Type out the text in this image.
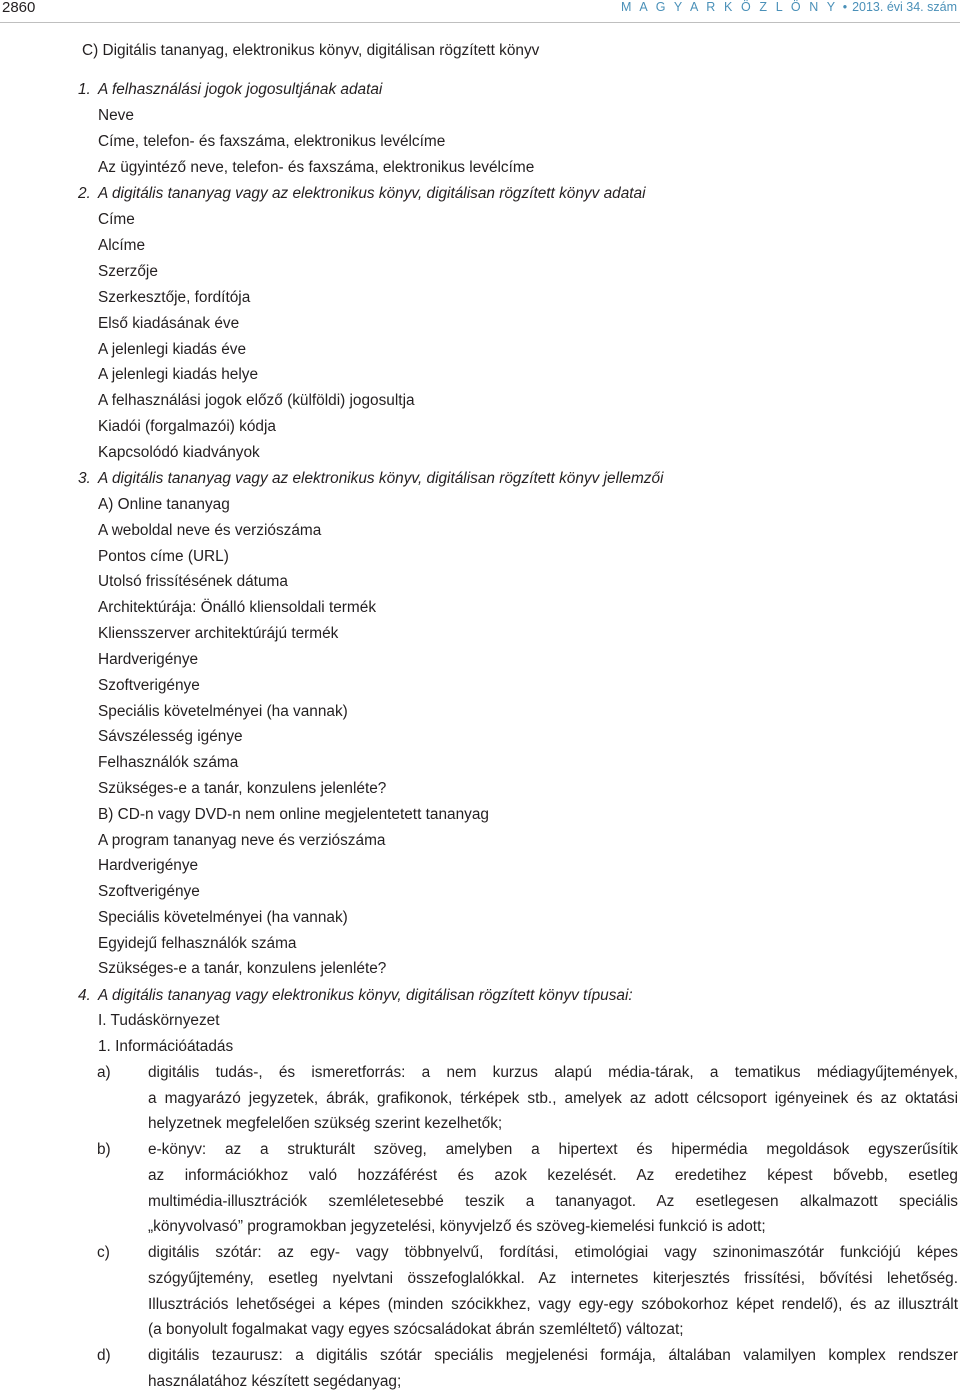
2860	M A G Y A R K Ö Z L Ö N Y • 2013. évi 34. szám
C) Digitális tananyag, elektronikus könyv, digitálisan rögzített könyv
1. A felhasználási jogok jogosultjának adatai
Neve
Címe, telefon- és faxszáma, elektronikus levélcíme
Az ügyintéző neve, telefon- és faxszáma, elektronikus levélcíme
2. A digitális tananyag vagy az elektronikus könyv, digitálisan rögzített könyv adatai
Címe
Alcíme
Szerzője
Szerkesztője, fordítója
Első kiadásának éve
A jelenlegi kiadás éve
A jelenlegi kiadás helye
A felhasználási jogok előző (külföldi) jogosultja
Kiadói (forgalmazói) kódja
Kapcsolódó kiadványok
3. A digitális tananyag vagy az elektronikus könyv, digitálisan rögzített könyv jellemzői
A) Online tananyag
A weboldal neve és verziószáma
Pontos címe (URL)
Utolsó frissítésének dátuma
Architektúrája: Önálló kliensoldali termék
Kliensszerver architektúrájú termék
Hardverigénye
Szoftverigénye
Speciális követelményei (ha vannak)
Sávszélesség igénye
Felhasználók száma
Szükséges-e a tanár, konzulens jelenléte?
B) CD-n vagy DVD-n nem online megjelentetett tananyag
A program tananyag neve és verziószáma
Hardverigénye
Szoftverigénye
Speciális követelményei (ha vannak)
Egyidejű felhasználók száma
Szükséges-e a tanár, konzulens jelenléte?
4. A digitális tananyag vagy elektronikus könyv, digitálisan rögzített könyv típusai:
I. Tudáskörnyezet
1. Információátadás
a) digitális tudás-, és ismeretforrás: a nem kurzus alapú média-tárak, a tematikus médiagyűjtemények,
a magyarázó jegyzetek, ábrák, grafikonok, térképek stb., amelyek az adott célcsoport igényeinek és az oktatási
helyzetnek megfelelően szükség szerint kezelhetők;
b) e-könyv: az a strukturált szöveg, amelyben a hipertext és hipermédia megoldások egyszerűsítik
az információkhoz való hozzáférést és azok kezelését. Az eredetihez képest bővebb, esetleg
multimédia-illusztrációk szemléletesebbé teszik a tananyagot. Az esetlegesen alkalmazott speciális
„könyvolvasó” programokban jegyzetelési, könyvjelző és szöveg-kiemelési funkció is adott;
c) digitális szótár: az egy- vagy többnyelvű, fordítási, etimológiai vagy szinonimaszótár funkciójú képes
szógyűjtemény, esetleg nyelvtani összefoglalókkal. Az internetes kiterjesztés frissítési, bővítési lehetőség.
Illusztrációs lehetőségei a képes (minden szócikkhez, vagy egy-egy szóbokorhoz képet rendelő), és az illusztrált
(a bonyolult fogalmakat vagy egyes szócsaládokat ábrán szemléltető) változat;
d) digitális tezaurusz: a digitális szótár speciális megjelenési formája, általában valamilyen komplex rendszer
használatához készített segédanyag;
